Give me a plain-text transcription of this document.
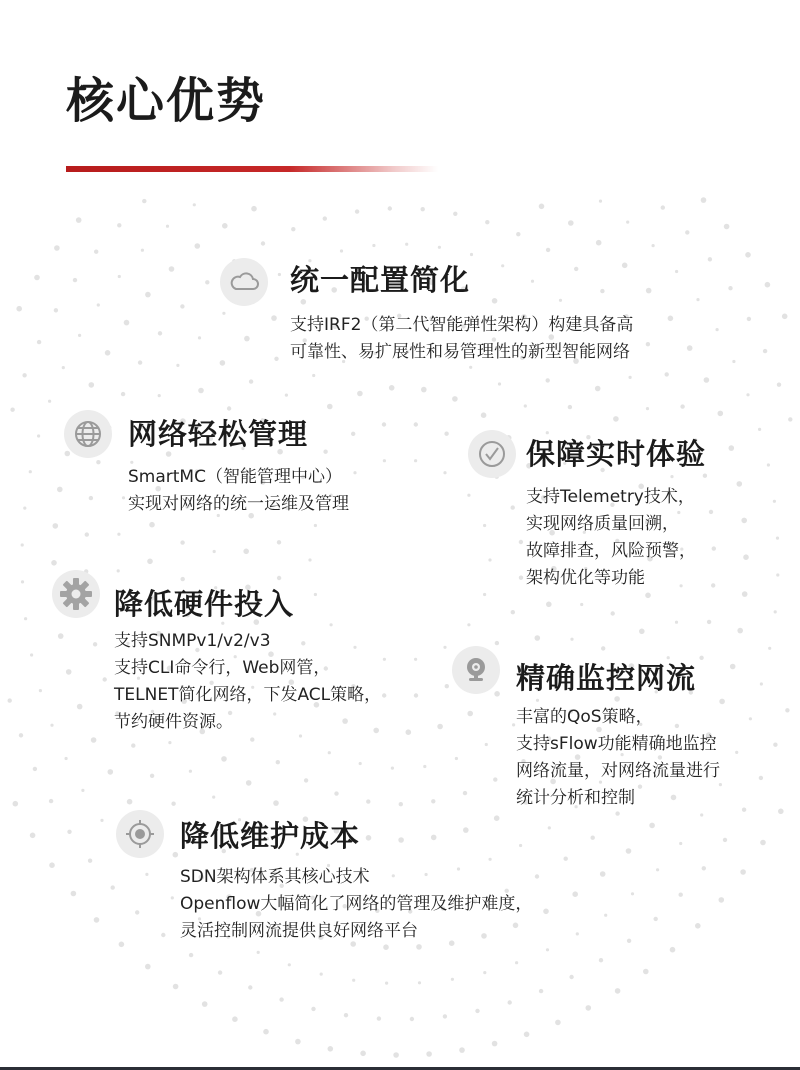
核心优势
统一配置简化
支持IRF2（第二代智能弹性架构）构建具备高
可靠性、易扩展性和易管理性的新型智能网络
网络轻松管理
SmartMC（智能管理中心）
实现对网络的统一运维及管理
保障实时体验
支持Telemetry技术，
实现网络质量回溯，
故障排查，风险预警，
架构优化等功能
降低硬件投入
支持SNMPv1/v2/v3
支持CLI命令行，Web网管，
TELNET简化网络，下发ACL策略，
节约硬件资源。
精确监控网流
丰富的QoS策略，
支持sFlow功能精确地监控
网络流量，对网络流量进行
统计分析和控制
降低维护成本
SDN架构体系其核心技术
Openflow大幅简化了网络的管理及维护难度，
灵活控制网流提供良好网络平台
